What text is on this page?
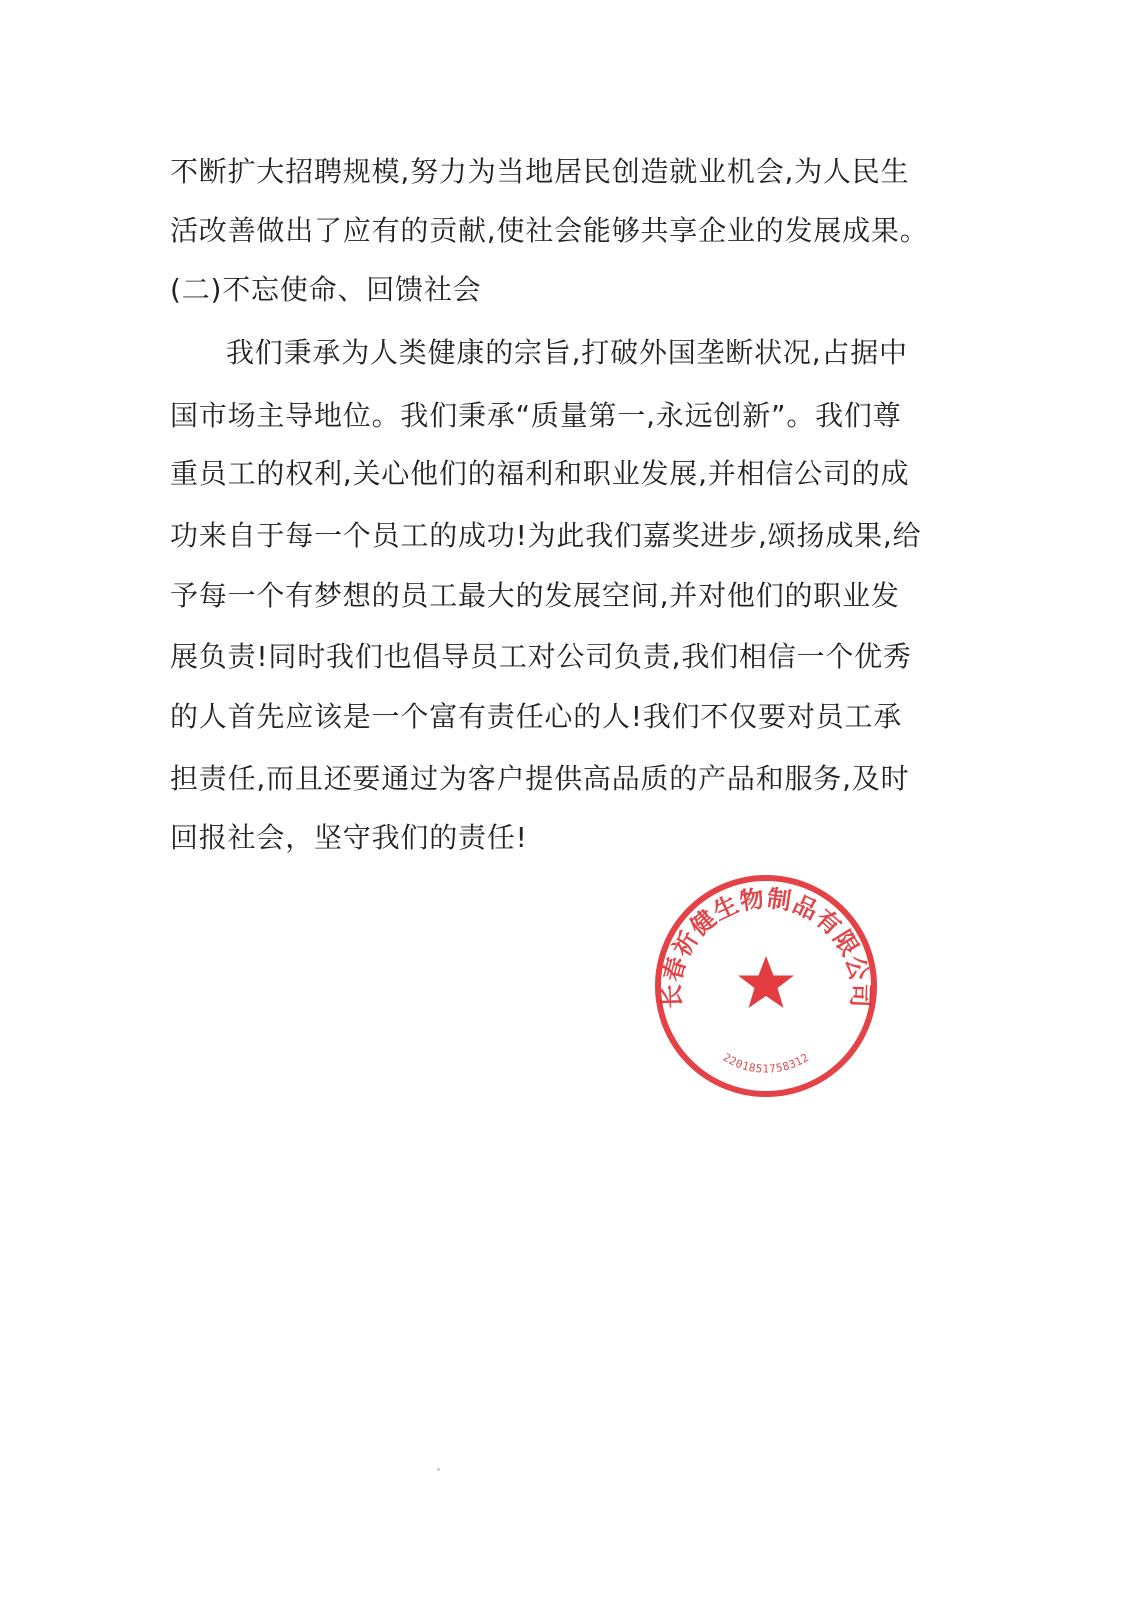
不断扩大招聘规模,努力为当地居民创造就业机会,为人民生
活改善做出了应有的贡献,使社会能够共享企业的发展成果。
(二)不忘使命、回馈社会
我们秉承为人类健康的宗旨,打破外国垄断状况,占据中
国市场主导地位。我们秉承“质量第一,永远创新”。我们尊
重员工的权利,关心他们的福利和职业发展,并相信公司的成
功来自于每一个员工的成功!为此我们嘉奖进步,颂扬成果,给
予每一个有梦想的员工最大的发展空间,并对他们的职业发
展负责!同时我们也倡导员工对公司负责,我们相信一个优秀
的人首先应该是一个富有责任心的人!我们不仅要对员工承
担责任,而且还要通过为客户提供高品质的产品和服务,及时
回报社会，坚守我们的责任!
长春祈健生物制品有限公司
2201851758312
